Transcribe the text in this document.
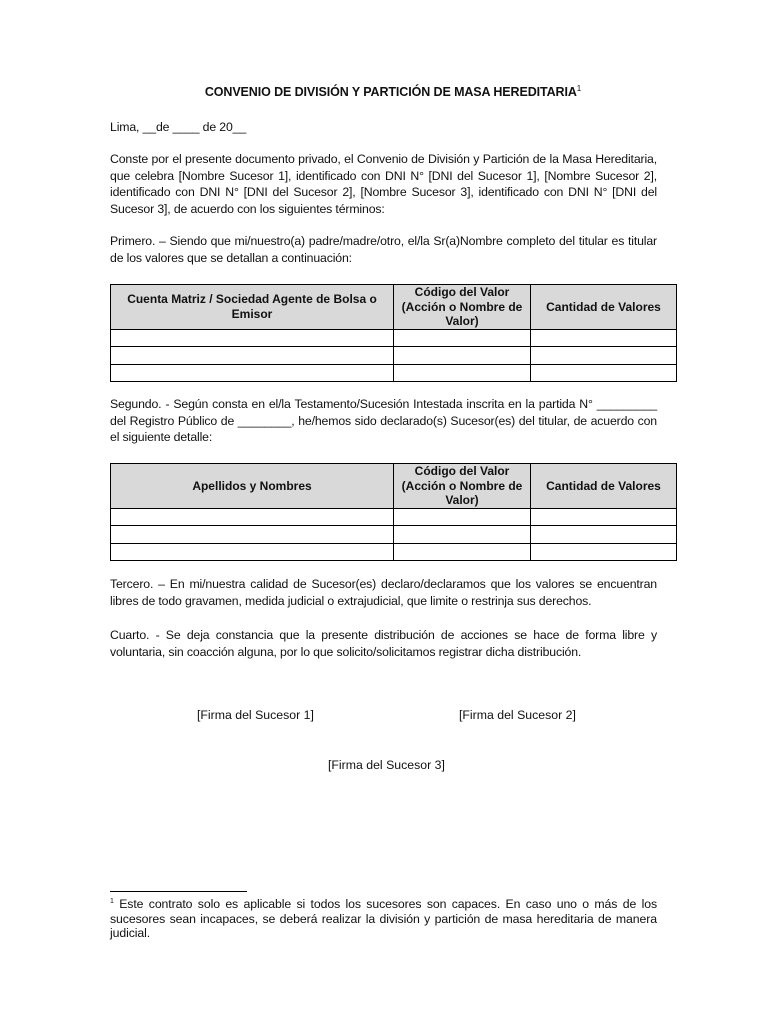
CONVENIO DE DIVISIÓN Y PARTICIÓN DE MASA HEREDITARIA$^1$
Lima, __de ____ de 20__
Conste por el presente documento privado, el Convenio de División y Partición de la Masa Hereditaria, que celebra [Nombre Sucesor 1], identificado con DNI N° [DNI del Sucesor 1], [Nombre Sucesor 2], identificado con DNI N° [DNI del Sucesor 2], [Nombre Sucesor 3], identificado con DNI N° [DNI del Sucesor 3], de acuerdo con los siguientes términos:
Primero. – Siendo que mi/nuestro(a) padre/madre/otro, el/la Sr(a)Nombre completo del titular es titular de los valores que se detallan a continuación:
Cuenta Matriz / Sociedad Agente de Bolsa o Emisor	Código del Valor (Acción o Nombre de Valor)	Cantidad de Valores

Segundo. - Según consta en el/la Testamento/Sucesión Intestada inscrita en la partida N° _________ del Registro Público de ________, he/hemos sido declarado(s) Sucesor(es) del titular, de acuerdo con el siguiente detalle:
Apellidos y Nombres	Código del Valor (Acción o Nombre de Valor)	Cantidad de Valores

Tercero. – En mi/nuestra calidad de Sucesor(es) declaro/declaramos que los valores se encuentran libres de todo gravamen, medida judicial o extrajudicial, que limite o restrinja sus derechos.
Cuarto. - Se deja constancia que la presente distribución de acciones se hace de forma libre y voluntaria, sin coacción alguna, por lo que solicito/solicitamos registrar dicha distribución.
[Firma del Sucesor 1]	[Firma del Sucesor 2]
[Firma del Sucesor 3]
$^1$ Este contrato solo es aplicable si todos los sucesores son capaces. En caso uno o más de los sucesores sean incapaces, se deberá realizar la división y partición de masa hereditaria de manera judicial.
